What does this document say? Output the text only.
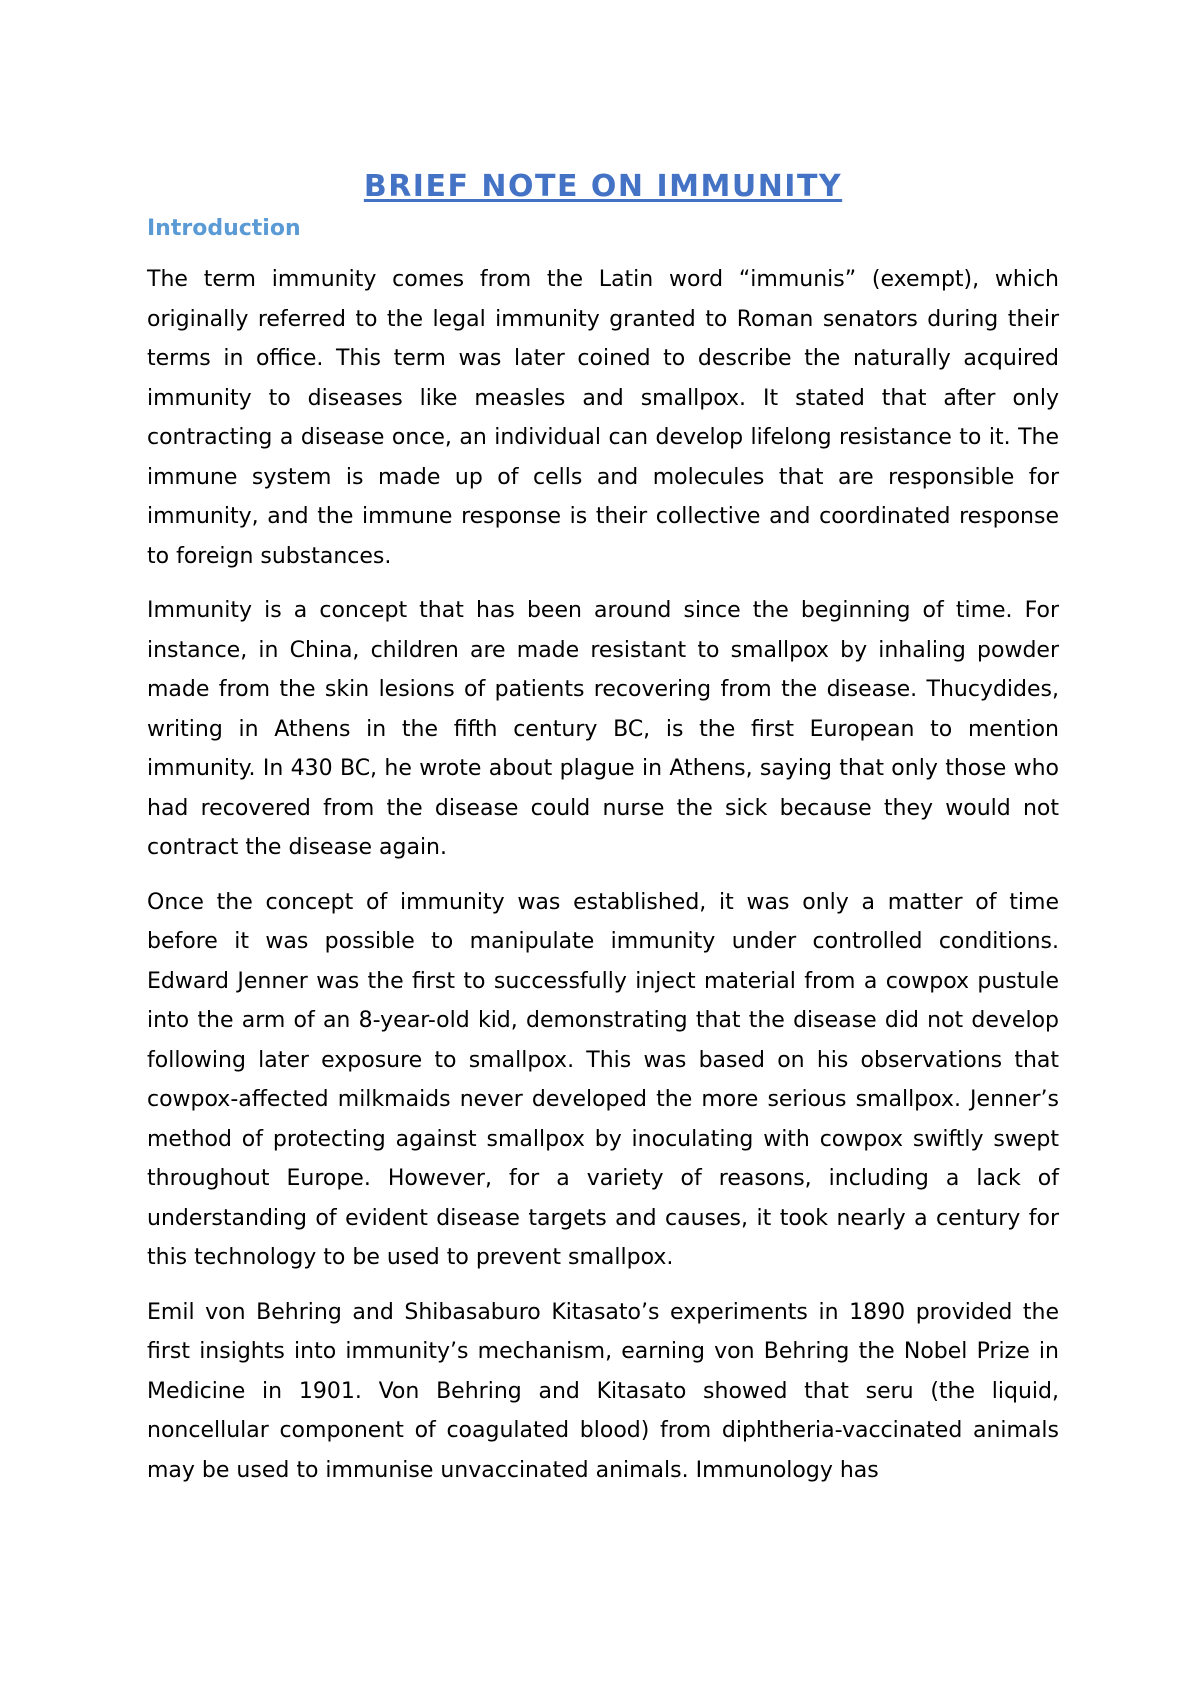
BRIEF NOTE ON IMMUNITY
Introduction

The term immunity comes from the Latin word “immunis” (exempt), which originally referred to the legal immunity granted to Roman senators during their terms in office. This term was later coined to describe the naturally acquired immunity to diseases like measles and smallpox. It stated that after only contracting a disease once, an individual can develop lifelong resistance to it. The immune system is made up of cells and molecules that are responsible for immunity, and the immune response is their collective and coordinated response to foreign substances.

Immunity is a concept that has been around since the beginning of time. For instance, in China, children are made resistant to smallpox by inhaling powder made from the skin lesions of patients recovering from the disease. Thucydides, writing in Athens in the fifth century BC, is the first European to mention immunity. In 430 BC, he wrote about plague in Athens, saying that only those who had recovered from the disease could nurse the sick because they would not contract the disease again.

Once the concept of immunity was established, it was only a matter of time before it was possible to manipulate immunity under controlled conditions. Edward Jenner was the first to successfully inject material from a cowpox pustule into the arm of an 8-year-old kid, demonstrating that the disease did not develop following later exposure to smallpox. This was based on his observations that cowpox-affected milkmaids never developed the more serious smallpox. Jenner’s method of protecting against smallpox by inoculating with cowpox swiftly swept throughout Europe. However, for a variety of reasons, including a lack of understanding of evident disease targets and causes, it took nearly a century for this technology to be used to prevent smallpox.

Emil von Behring and Shibasaburo Kitasato’s experiments in 1890 provided the first insights into immunity’s mechanism, earning von Behring the Nobel Prize in Medicine in 1901. Von Behring and Kitasato showed that seru (the liquid, noncellular component of coagulated blood) from diphtheria-vaccinated animals may be used to immunise unvaccinated animals. Immunology has
